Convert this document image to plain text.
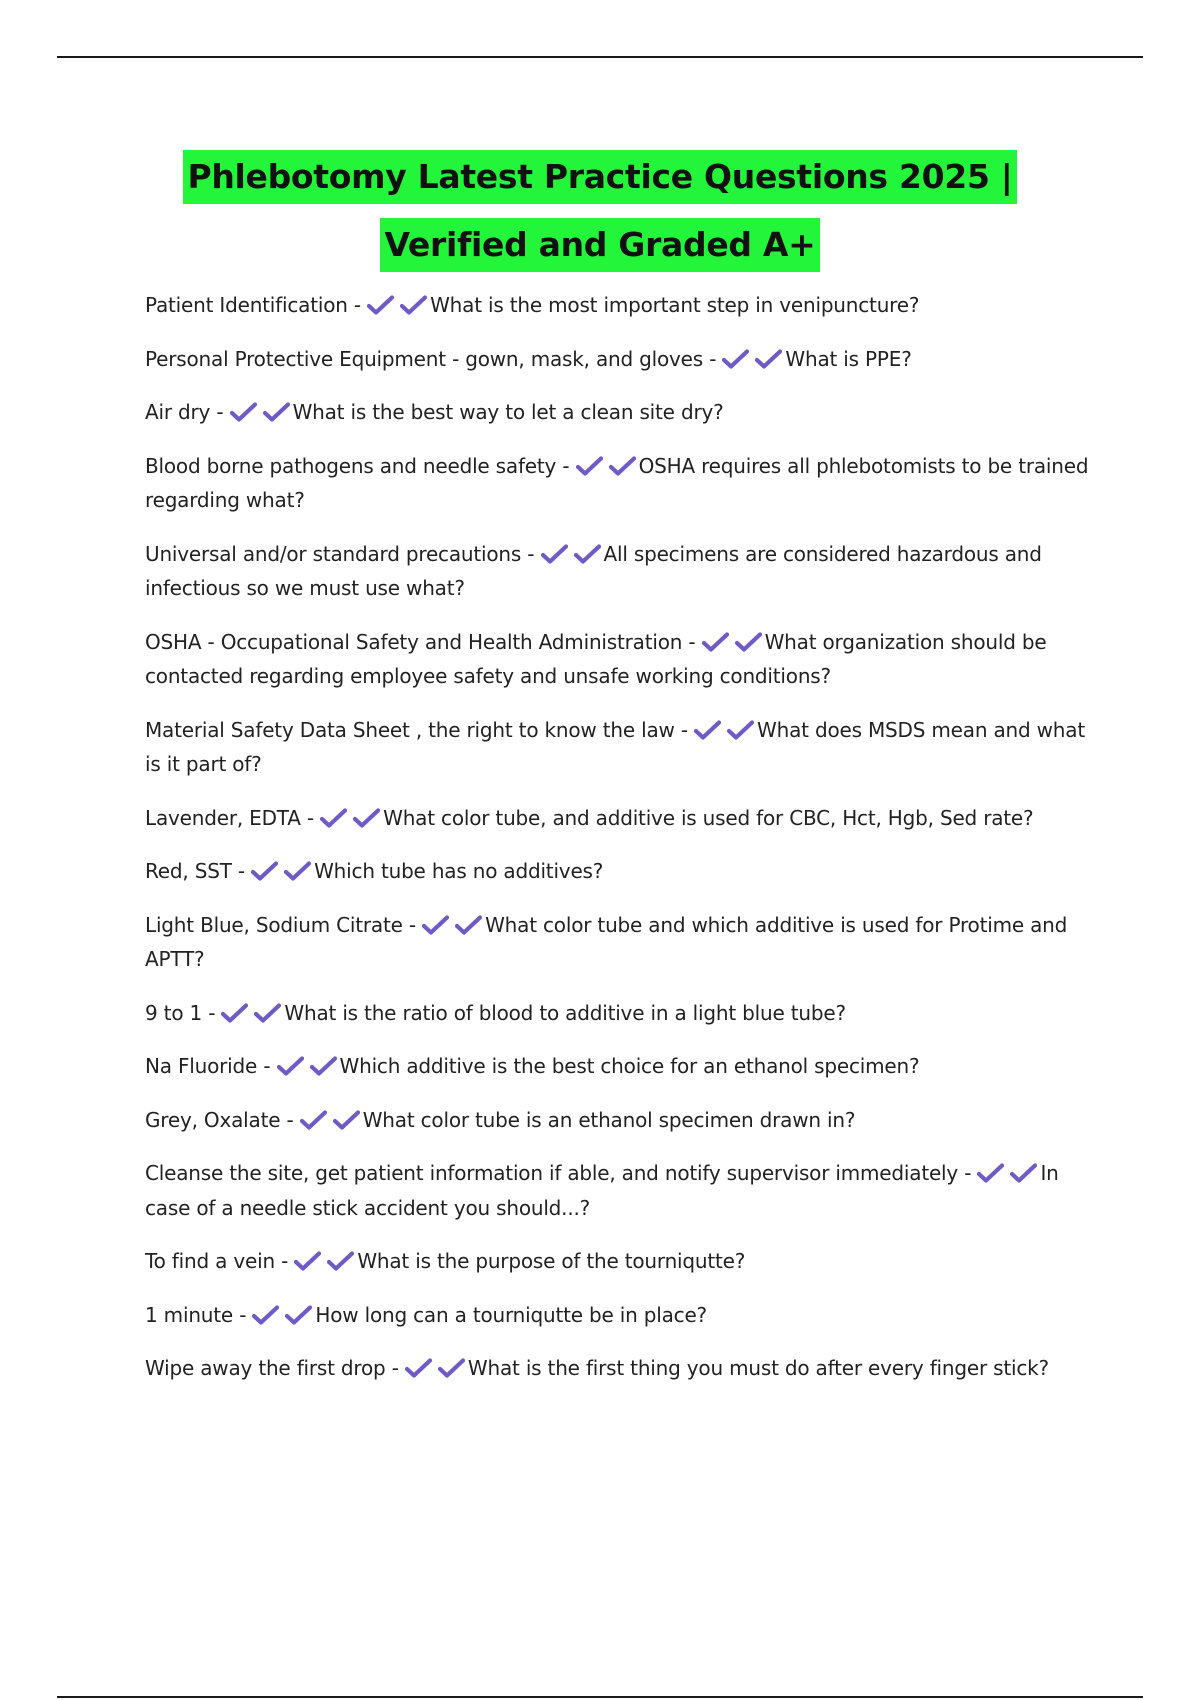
Phlebotomy Latest Practice Questions 2025 |
Verified and Graded A+
Patient Identification -	What is the most important step in venipuncture?
Personal Protective Equipment - gown, mask, and gloves -	What is PPE?
Air dry -	What is the best way to let a clean site dry?
Blood borne pathogens and needle safety -	OSHA requires all phlebotomists to be trained regarding what?
Universal and/or standard precautions -	All specimens are considered hazardous and infectious so we must use what?
OSHA - Occupational Safety and Health Administration -	What organization should be contacted regarding employee safety and unsafe working conditions?
Material Safety Data Sheet , the right to know the law -	What does MSDS mean and what is it part of?
Lavender, EDTA -	What color tube, and additive is used for CBC, Hct, Hgb, Sed rate?
Red, SST -	Which tube has no additives?
Light Blue, Sodium Citrate -	What color tube and which additive is used for Protime and APTT?
9 to 1 -	What is the ratio of blood to additive in a light blue tube?
Na Fluoride -	Which additive is the best choice for an ethanol specimen?
Grey, Oxalate -	What color tube is an ethanol specimen drawn in?
Cleanse the site, get patient information if able, and notify supervisor immediately -	In case of a needle stick accident you should...?
To find a vein -	What is the purpose of the tourniqutte?
1 minute -	How long can a tourniqutte be in place?
Wipe away the first drop -	What is the first thing you must do after every finger stick?
